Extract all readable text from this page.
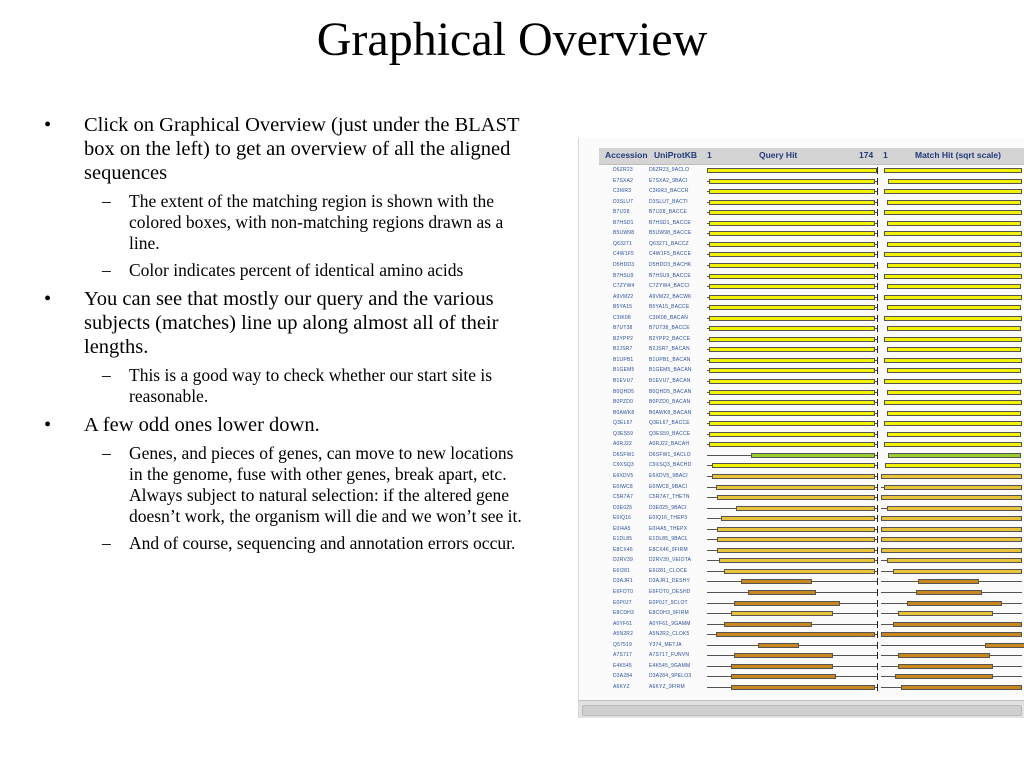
Graphical Overview
• Click on Graphical Overview (just under the BLAST box on the left) to get an overview of all the aligned sequences
– The extent of the matching region is shown with the colored boxes, with non-matching regions drawn as a line.
– Color indicates percent of identical amino acids
• You can see that mostly our query and the various subjects (matches) line up along almost all of their lengths.
– This is a good way to check whether our start site is reasonable.
• A few odd ones lower down.
– Genes, and pieces of genes, can move to new locations in the genome, fuse with other genes, break apart, etc. Always subject to natural selection: if the altered gene doesn’t work, the organism will die and we won’t see it.
– And of course, sequencing and annotation errors occur.
Accession UniProtKB 1	Query Hit	174 1	Match Hit (sqrt scale)
D6ZR23	D6ZR23_9ACLO
E7SXA2	E7SXA2_9BACI
C3I6R3	C3I6R3_BACCR
D3SLU7	D3SLU7_BACTI
B7IJ28	B7IJ28_BACCE
B7HSD1	B7HSD1_BACCE
B5UW98	B5UW98_BACCE
Q63271	Q63271_BACCZ
C4W1F5	C4W1F5_BACCE
D5HDD3	D5HDD3_BACHK
B7HSU9	B7HSU9_BACCE
C7ZYW4	C7ZYW4_BACCI
A9VM22	A9VM22_BACWK
B5YA15	B5YA15_BACCE
C3IK08	C3IK08_BACAN
B7UT38	B7UT38_BACCE
B2YPP2	B2YPP2_BACCE
B2JSR7	B2JSR7_BACAN
B1UPB1	B1UPB1_BACAN
B1GEM5	B1GEM5_BACAN
B1EVU7	B1EVU7_BACAN
B0QHD5	B0QHD5_BACAN
B0PZD0	B0PZD0_BACAN
B0AWK8	B0AWK8_BACAN
Q3EL67	Q3EL67_BACCE
Q3ES59	Q3ES59_BACCE
A0RJ22	A0RJ22_BACAH
D6SFW1	D6SFW1_9ACLO
C9XSQ3	C9XSQ3_BACHD
E6XDV5	E6XDV5_9BACI
E0IWC8	E0IWC8_9BACI
C5R7A7	C5R7A7_THETN
D3E025	D3E025_9BACI
E0IQ16	E0IQ16_THEP3
E0I4A5	E0I4A5_THEPX
E1DL85	E1DL85_9BACL
E8CX46	E8CX46_9FIRM
D2RV39	D2RV39_VEIOTA
E6I281	E6I281_CLOCE
D3AJR1	D3AJR1_DESHY
E6FOT0	E6FOT0_DESHD
E0P0J7	E0P0J7_9CLOT
E8CDH3	E8CDH3_9FIRM
A0YF61	A0YF61_9GAMM
A5N2R2	A5N2R2_CLOK5
Q57519	Y374_METJA
A7S717	A7S717_FUNVN
E4K545	E4K545_9GAMM
D3A284	D3A284_9PELO3
A6KYZ	A6KYZ_9FIRM
